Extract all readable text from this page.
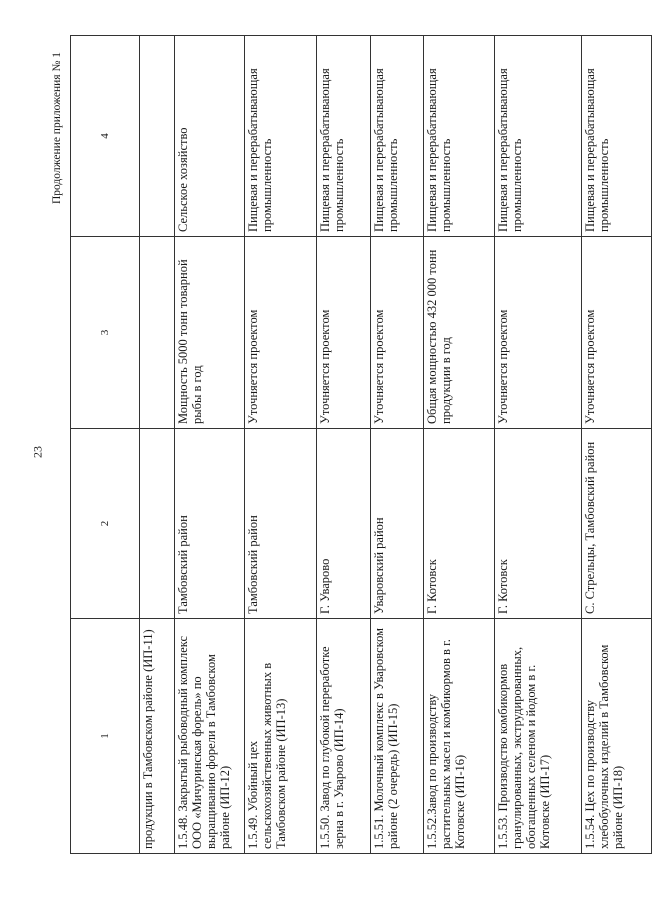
23
Продолжение приложения № 1
1	2	3	4
продукции в Тамбовском районе (ИП-11)			
1.5.48. Закрытый рыбоводный комплекс ООО «Мичуринская форель» по выращиванию форели в Тамбовском районе (ИП-12)	Тамбовский район	Мощность 5000 тонн товарной рыбы в год	Сельское хозяйство
1.5.49. Убойный цех сельскохозяйственных животных в Тамбовском районе (ИП-13)	Тамбовский район	Уточняется проектом	Пищевая и перерабатывающая промышленность
1.5.50. Завод по глубокой переработке зерна в г. Уварово (ИП-14)	Г. Уварово	Уточняется проектом	Пищевая и перерабатывающая промышленность
1.5.51. Молочный комплекс в Уваровском районе (2 очередь) (ИП-15)	Уваровский район	Уточняется проектом	Пищевая и перерабатывающая промышленность
1.5.52.Завод по производству растительных масел и комбикормов в г. Котовске (ИП-16)	Г. Котовск	Общая мощностью 432 000 тонн продукции в год	Пищевая и перерабатывающая промышленность
1.5.53. Производство комбикормов гранулированных, экструдированных, обогащенных селеном и йодом в г. Котовске (ИП-17)	Г. Котовск	Уточняется проектом	Пищевая и перерабатывающая промышленность
1.5.54. Цех по производству хлебобулочных изделий в Тамбовском районе (ИП-18)	С. Стрельцы, Тамбовский район	Уточняется проектом	Пищевая и перерабатывающая промышленность
